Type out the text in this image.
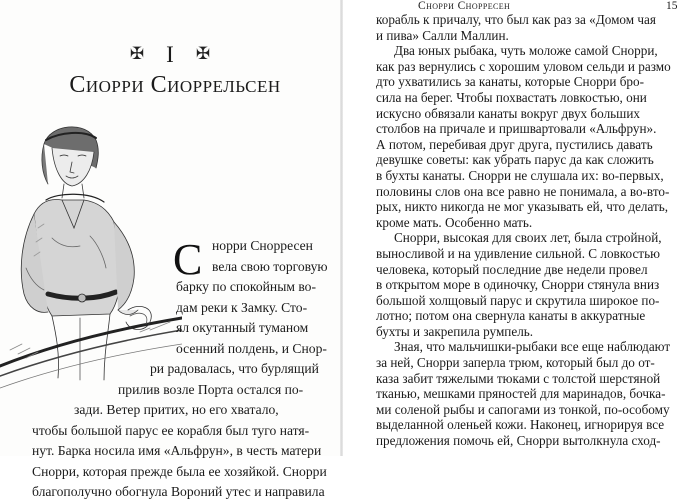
✠ I ✠
Сиорри Сиоррельсен
С норри Снорресен
вела свою торговую
барку по спокойным во-
дам реки к Замку. Сто-
ял окутанный туманом
осенний полдень, и Снор-
ри радовалась, что бурлящий
прилив возле Порта остался по-
зади. Ветер притих, но его хватало,
чтобы большой парус ее корабля был туго натя-
нут. Барка носила имя «Альфрун», в честь матери
Снорри, которая прежде была ее хозяйкой. Снорри
благополучно обогнула Вороний утес и направила
Снорри Снорресен	15
корабль к причалу, что был как раз за «Домом чая
и пива» Салли Маллин.
Два юных рыбака, чуть моложе самой Снорри,
как раз вернулись с хорошим уловом сельди и размо
дто ухватились за канаты, которые Снорри бро-
сила на берег. Чтобы похвастать ловкостью, они
искусно обвязали канаты вокруг двух больших
столбов на причале и пришвартовали «Альфрун».
А потом, перебивая друг друга, пустились давать
девушке советы: как убрать парус да как сложить
в бухты канаты. Снорри не слушала их: во-первых,
половины слов она все равно не понимала, а во-вто-
рых, никто никогда не мог указывать ей, что делать,
кроме мать. Особенно мать.
Снорри, высокая для своих лет, была стройной,
выносливой и на удивление сильной. С ловкостью
человека, который последние две недели провел
в открытом море в одиночку, Снорри стянула вниз
большой холщовый парус и скрутила широкое по-
лотно; потом она свернула канаты в аккуратные
бухты и закрепила румпель.
Зная, что мальчишки-рыбаки все еще наблюдают
за ней, Снорри заперла трюм, который был до от-
каза забит тяжелыми тюками с толстой шерстяной
тканью, мешками пряностей для маринадов, бочка-
ми соленой рыбы и сапогами из тонкой, по-особому
выделанной оленьей кожи. Наконец, игнорируя все
предложения помочь ей, Снорри вытолкнула сход-
